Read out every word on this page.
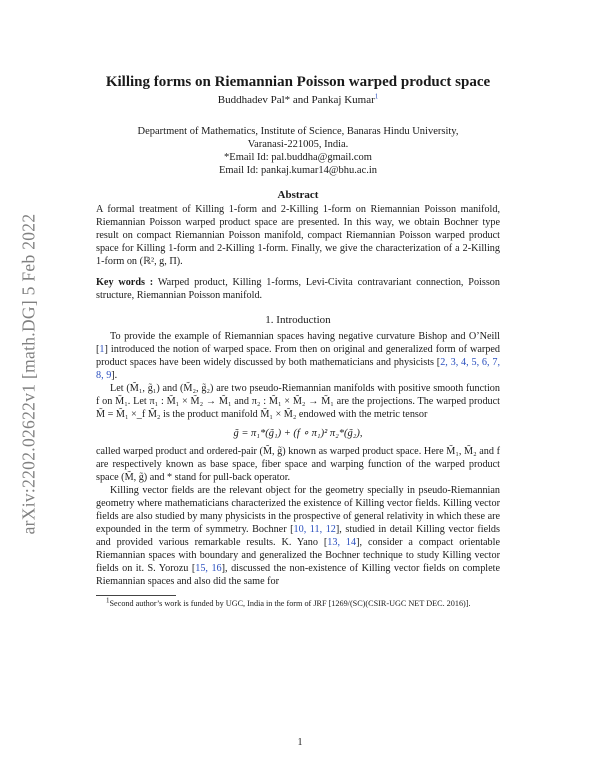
arXiv:2202.02622v1 [math.DG] 5 Feb 2022
Killing forms on Riemannian Poisson warped product space
Buddhadev Pal* and Pankaj Kumar$^1$
Department of Mathematics, Institute of Science, Banaras Hindu University,
Varanasi-221005, India.
*Email Id: pal.buddha@gmail.com
Email Id: pankaj.kumar14@bhu.ac.in
Abstract
A formal treatment of Killing 1-form and 2-Killing 1-form on Riemannian Poisson manifold, Riemannian Poisson warped product space are presented. In this way, we obtain Bochner type result on compact Riemannian Poisson manifold, compact Riemannian Poisson warped product space for Killing 1-form and 2-Killing 1-form. Finally, we give the characterization of a 2-Killing 1-form on (ℝ², g, Π).
Key words : Warped product, Killing 1-forms, Levi-Civita contravariant connection, Poisson structure, Riemannian Poisson manifold.
1. Introduction

To provide the example of Riemannian spaces having negative curvature Bishop and O’Neill [1] introduced the notion of warped space. From then on original and generalized form of warped product spaces have been widely discussed by both mathematicians and physicists [2, 3, 4, 5, 6, 7, 8, 9].

Let (M̃₁, g̃₁) and (M̃₂, g̃₂) are two pseudo-Riemannian manifolds with positive smooth function f on M̃₁. Let π₁ : M̃₁ × M̃₂ → M̃₁ and π₂ : M̃₁ × M̃₂ → M̃₁ are the projections. The warped product M̃ = M̃₁ ×_f M̃₂ is the product manifold M̃₁ × M̃₂ endowed with the metric tensor

g̃ = π₁*(g̃₁) + (f ∘ π₁)² π₂*(g̃₂),

called warped product and ordered-pair (M̃, g̃) known as warped product space. Here M̃₁, M̃₂ and f are respectively known as base space, fiber space and warping function of the warped product space (M̃, g̃) and * stand for pull-back operator.

Killing vector fields are the relevant object for the geometry specially in pseudo-Riemannian geometry where mathematicians characterized the existence of Killing vector fields. Killing vector fields are also studied by many physicists in the prospective of general relativity in which these are expounded in the term of symmetry. Bochner [10, 11, 12], studied in detail Killing vector fields and provided various remarkable results. K. Yano [13, 14], consider a compact orientable Riemannian spaces with boundary and generalized the Bochner technique to study Killing vector fields on it. S. Yorozu [15, 16], discussed the non-existence of Killing vector fields on complete Riemannian spaces and also did the same for

1Second author’s work is funded by UGC, India in the form of JRF [1269/(SC)(CSIR-UGC NET DEC. 2016)].
1
